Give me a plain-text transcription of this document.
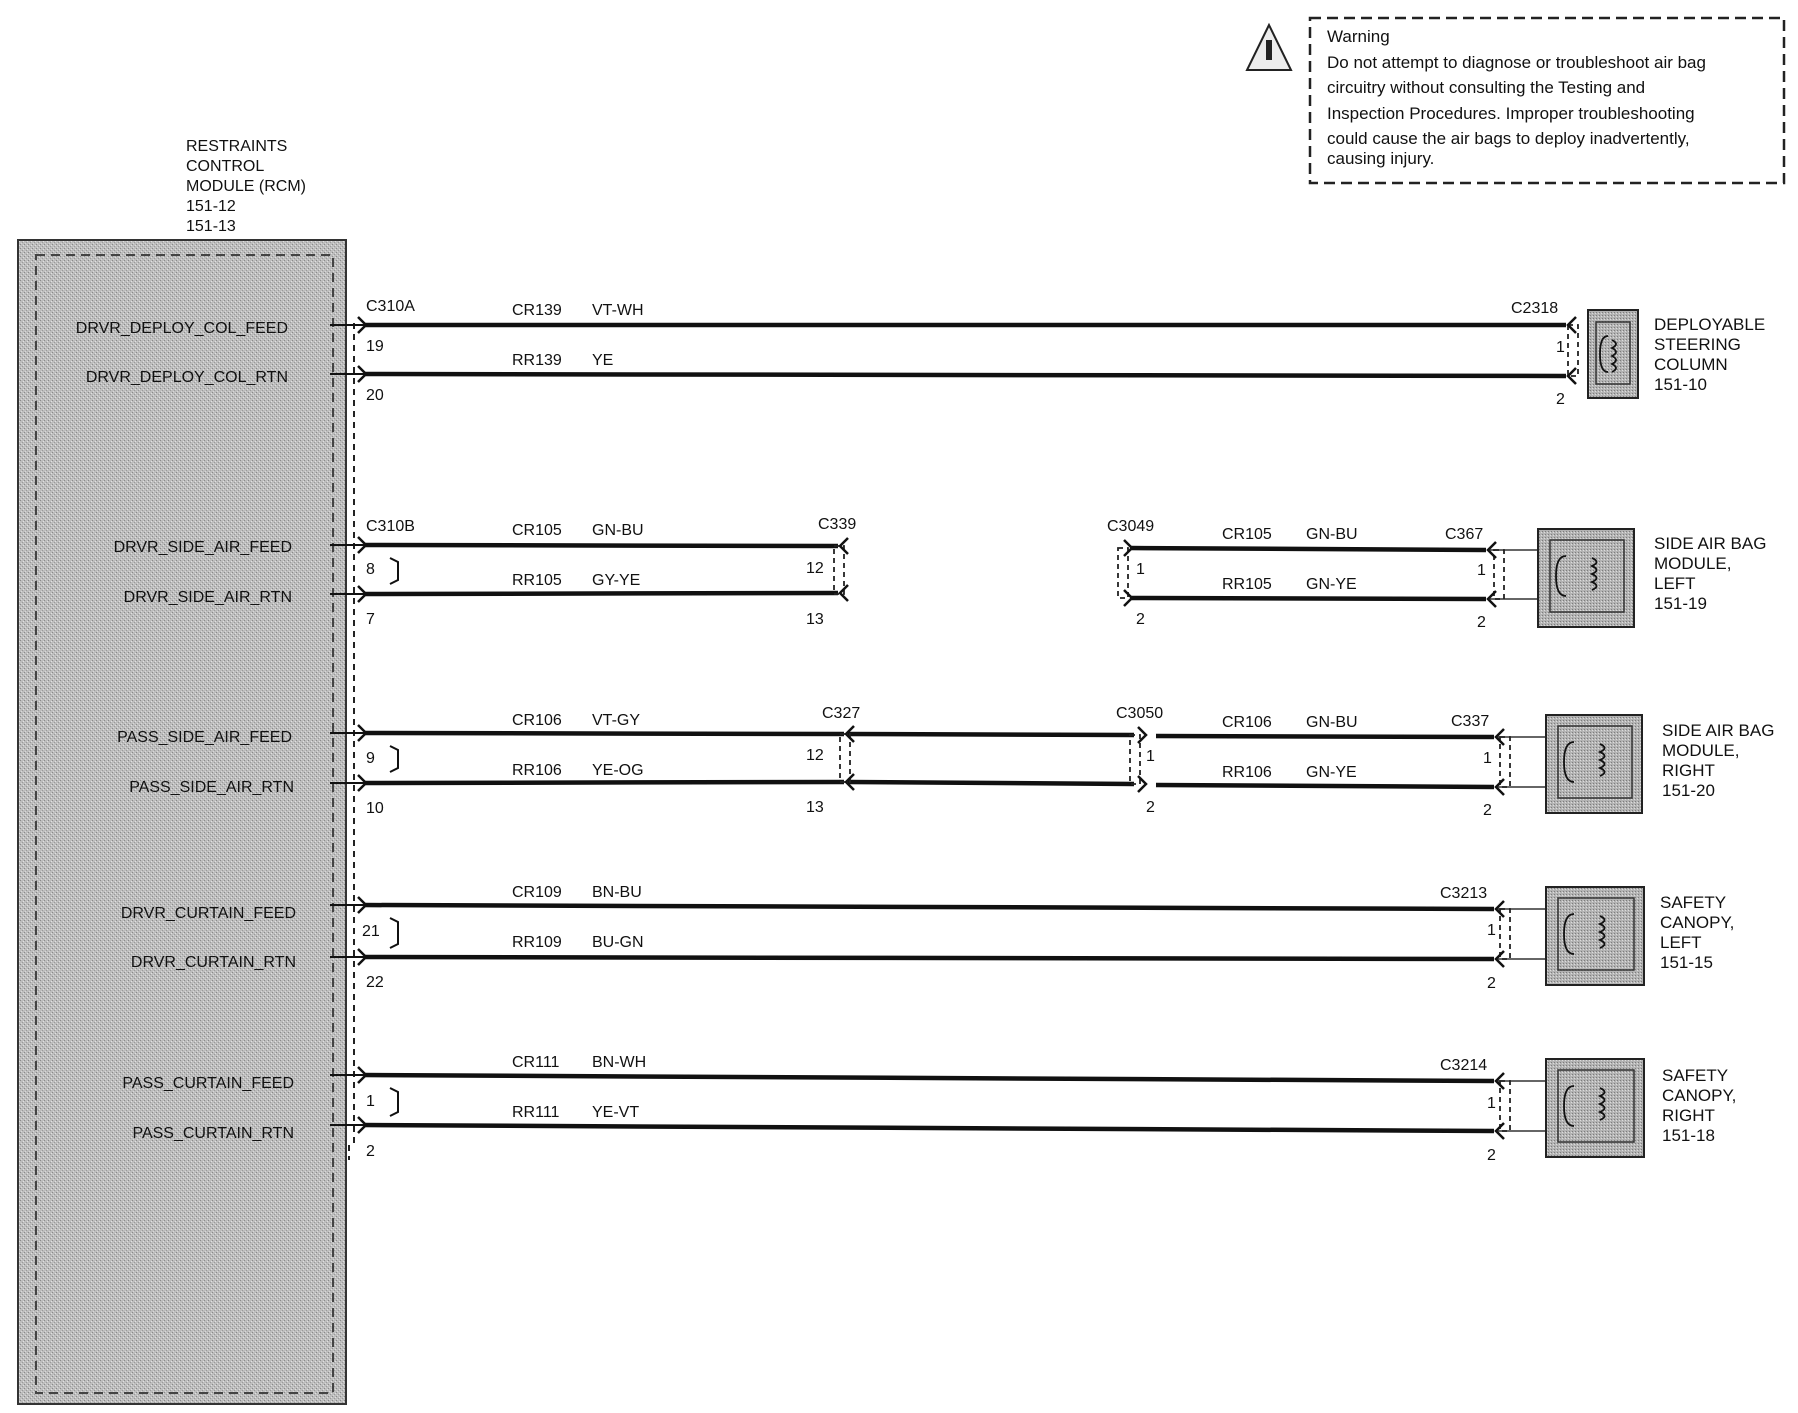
Warning
Do not attempt to diagnose or troubleshoot air bag
circuitry without consulting the Testing and
Inspection Procedures. Improper troubleshooting
could cause the air bags to deploy inadvertently,
causing injury.
RESTRAINTS
CONTROL
MODULE (RCM)
151-12
151-13
DRVR_DEPLOY_COL_FEED
DRVR_DEPLOY_COL_RTN
DRVR_SIDE_AIR_FEED
DRVR_SIDE_AIR_RTN
PASS_SIDE_AIR_FEED
PASS_SIDE_AIR_RTN
DRVR_CURTAIN_FEED
DRVR_CURTAIN_RTN
PASS_CURTAIN_FEED
PASS_CURTAIN_RTN
C310A
C310B
19
20
8
7
9
10
21
22
1
2
CR139 VT-WH
RR139 YE
CR105 GN-BU
RR105 GY-YE
CR106 VT-GY
RR106 YE-OG
CR109 BN-BU
RR109 BU-GN
CR111 BN-WH
RR111 YE-VT
CR105 GN-BU
RR105 GN-YE
CR106 GN-BU
RR106 GN-YE
C339
12
13
C3049
1
2
C327
12
13
C3050
1
2
C2318
1
2
C367
1
2
C337
1
2
C3213
1
2
C3214
1
2
DEPLOYABLE
STEERING
COLUMN
151-10
SIDE AIR BAG
MODULE,
LEFT
151-19
SIDE AIR BAG
MODULE,
RIGHT
151-20
SAFETY
CANOPY,
LEFT
151-15
SAFETY
CANOPY,
RIGHT
151-18
